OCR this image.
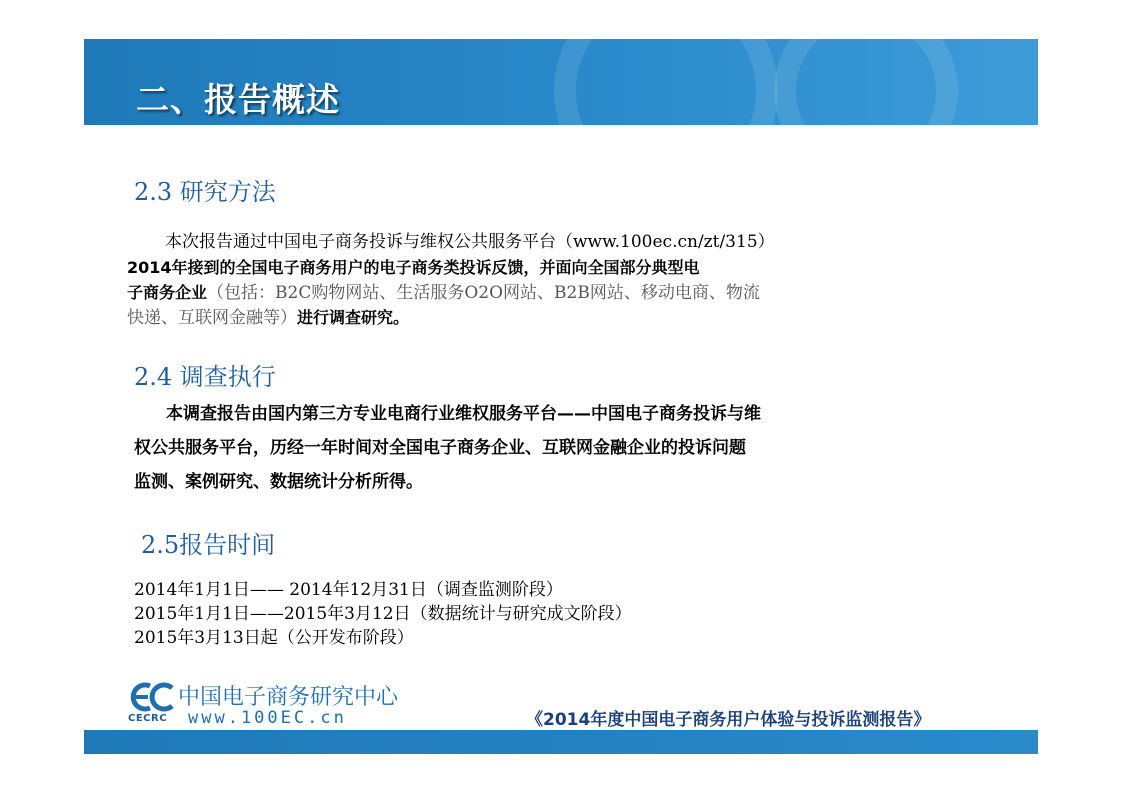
二、报告概述
2.3 研究方法
本次报告通过中国电子商务投诉与维权公共服务平台（www.100ec.cn/zt/315）
2014年接到的全国电子商务用户的电子商务类投诉反馈，并面向全国部分典型电
子商务企业（包括：B2C购物网站、生活服务O2O网站、B2B网站、移动电商、物流
快递、互联网金融等）进行调查研究。
2.4 调查执行
本调查报告由国内第三方专业电商行业维权服务平台——中国电子商务投诉与维
权公共服务平台，历经一年时间对全国电子商务企业、互联网金融企业的投诉问题
监测、案例研究、数据统计分析所得。
2.5报告时间
2014年1月1日—— 2014年12月31日（调查监测阶段）
2015年1月1日——2015年3月12日（数据统计与研究成文阶段）
2015年3月13日起（公开发布阶段）
CECRC
中国电子商务研究中心
www.100EC.cn	《2014年度中国电子商务用户体验与投诉监测报告》
